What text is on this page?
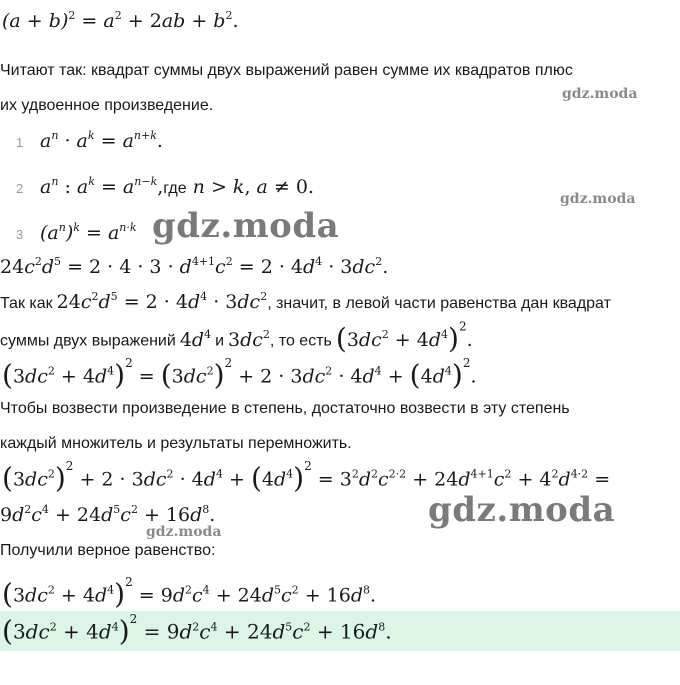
$(a + b)^2 = a^2 + 2ab + b^2$.
Читают так: квадрат суммы двух выражений равен сумме их квадратов плюс
их удвоенное произведение.
1 $a^n \cdot a^k = a^{n+k}$.
2 $a^n$ : $a^k = a^{n-k},где$ n > k, a ≠ 0.
3 $(a^n)^k = a^{n\cdot k}$
$24c^2d^5 = 2 \cdot 4 \cdot 3 \cdot d^{4+1}c^2 = 2 \cdot 4d^4 \cdot 3dc^2$.
Так как $24c^2d^5 = 2 \cdot 4d^4 \cdot 3dc^2$, значит, в левой части равенства дан квадрат
суммы двух выражений $4d^4$ и $3dc^2$, то есть $(3dc^2 + 4d^4)^2$.
$(3dc^2 + 4d^4)^2 = (3dc^2)^2 + 2 \cdot 3dc^2 \cdot 4d^4 + (4d^4)^2$.
Чтобы возвести произведение в степень, достаточно возвести в эту степень
каждый множитель и результаты перемножить.
$(3dc^2)^2 + 2 \cdot 3dc^2 \cdot 4d^4 + (4d^4)^2 = 3^2d^2c^{2\cdot 2} + 24d^{4+1}c^2 + 4^2d^{4\cdot 2}$ =
$9d^2c^4 + 24d^5c^2 + 16d^8$.
Получили верное равенство:
$(3dc^2 + 4d^4)^2 = 9d^2c^4 + 24d^5c^2 + 16d^8$.
$(3dc^2 + 4d^4)^2 = 9d^2c^4 + 24d^5c^2 + 16d^8$.
gdz.moda
gdz.moda
gdz.moda
gdz.moda
gdz.moda
